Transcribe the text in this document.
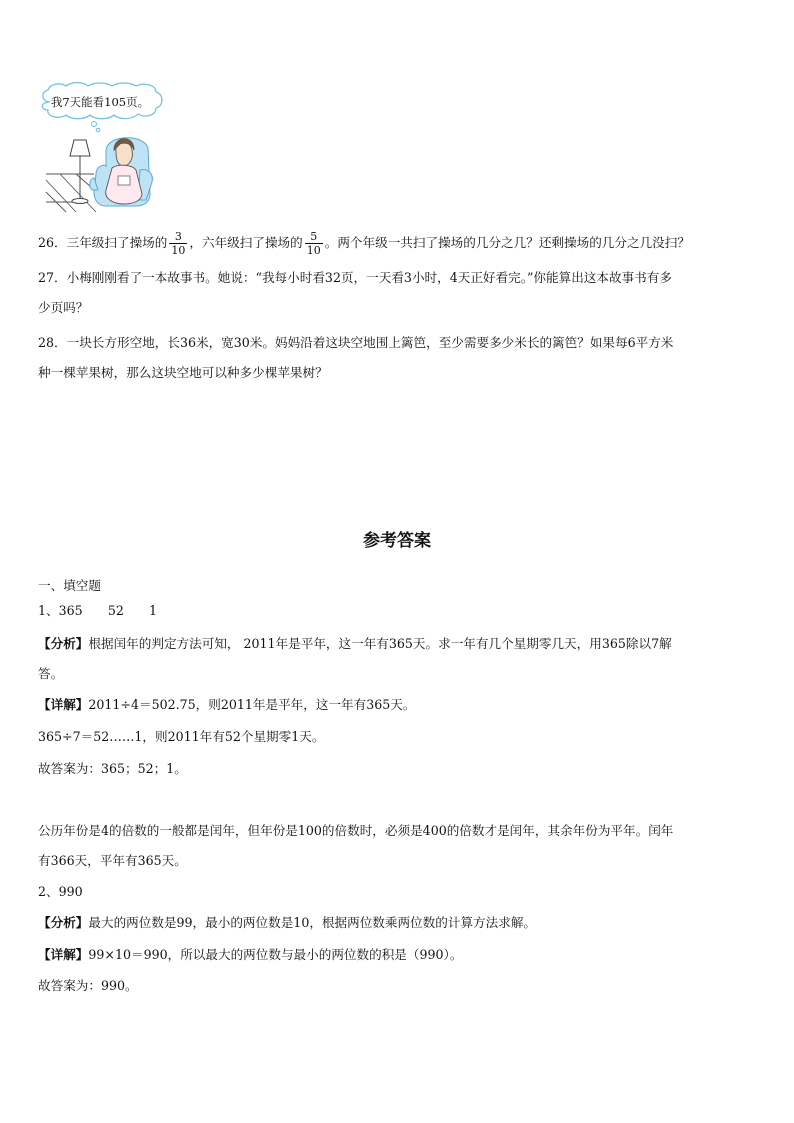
我7天能看105页。
26．三年级扫了操场的 $\frac{3}{10}$ ，六年级扫了操场的 $\frac{5}{10}$ 。两个年级一共扫了操场的几分之几？还剩操场的几分之几没扫？
27．小梅刚刚看了一本故事书。她说：“我每小时看32页，一天看3小时，4天正好看完。”你能算出这本故事书有多
少页吗？
28．一块长方形空地，长36米，宽30米。妈妈沿着这块空地围上篱笆，至少需要多少米长的篱笆？如果每6平方米
种一棵苹果树，那么这块空地可以种多少棵苹果树？
参考答案
一、填空题
1、365　　52　　1
【分析】根据闰年的判定方法可知， 2011年是平年，这一年有365天。求一年有几个星期零几天，用365除以7解
答。
【详解】2011÷4＝502.75，则2011年是平年，这一年有365天。
365÷7＝52……1，则2011年有52个星期零1天。
故答案为：365；52；1。
公历年份是4的倍数的一般都是闰年，但年份是100的倍数时，必须是400的倍数才是闰年，其余年份为平年。闰年
有366天，平年有365天。
2、990
【分析】最大的两位数是99，最小的两位数是10，根据两位数乘两位数的计算方法求解。
【详解】99×10＝990，所以最大的两位数与最小的两位数的积是（990）。
故答案为：990。
